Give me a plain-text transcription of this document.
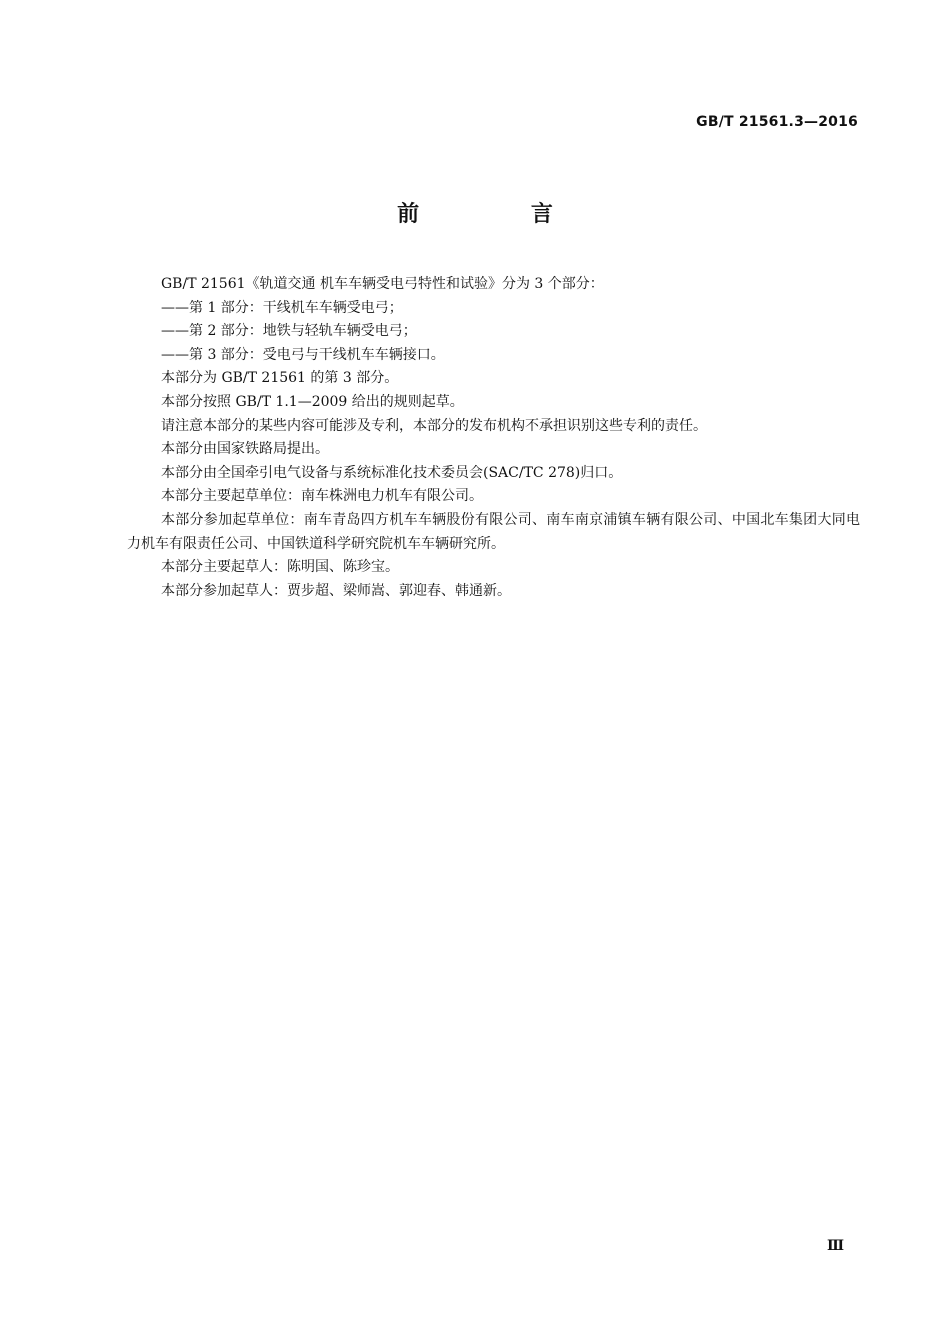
GB/T 21561.3—2016
前 言

GB/T 21561《轨道交通 机车车辆受电弓特性和试验》分为 3 个部分：

——第 1 部分：干线机车车辆受电弓；

——第 2 部分：地铁与轻轨车辆受电弓；

——第 3 部分：受电弓与干线机车车辆接口。

本部分为 GB/T 21561 的第 3 部分。

本部分按照 GB/T 1.1—2009 给出的规则起草。

请注意本部分的某些内容可能涉及专利，本部分的发布机构不承担识别这些专利的责任。

本部分由国家铁路局提出。

本部分由全国牵引电气设备与系统标准化技术委员会(SAC/TC 278)归口。

本部分主要起草单位：南车株洲电力机车有限公司。

本部分参加起草单位：南车青岛四方机车车辆股份有限公司、南车南京浦镇车辆有限公司、中国北车集团大同电力机车有限责任公司、中国铁道科学研究院机车车辆研究所。

本部分主要起草人：陈明国、陈珍宝。

本部分参加起草人：贾步超、梁师嵩、郭迎春、韩通新。

Ⅲ
